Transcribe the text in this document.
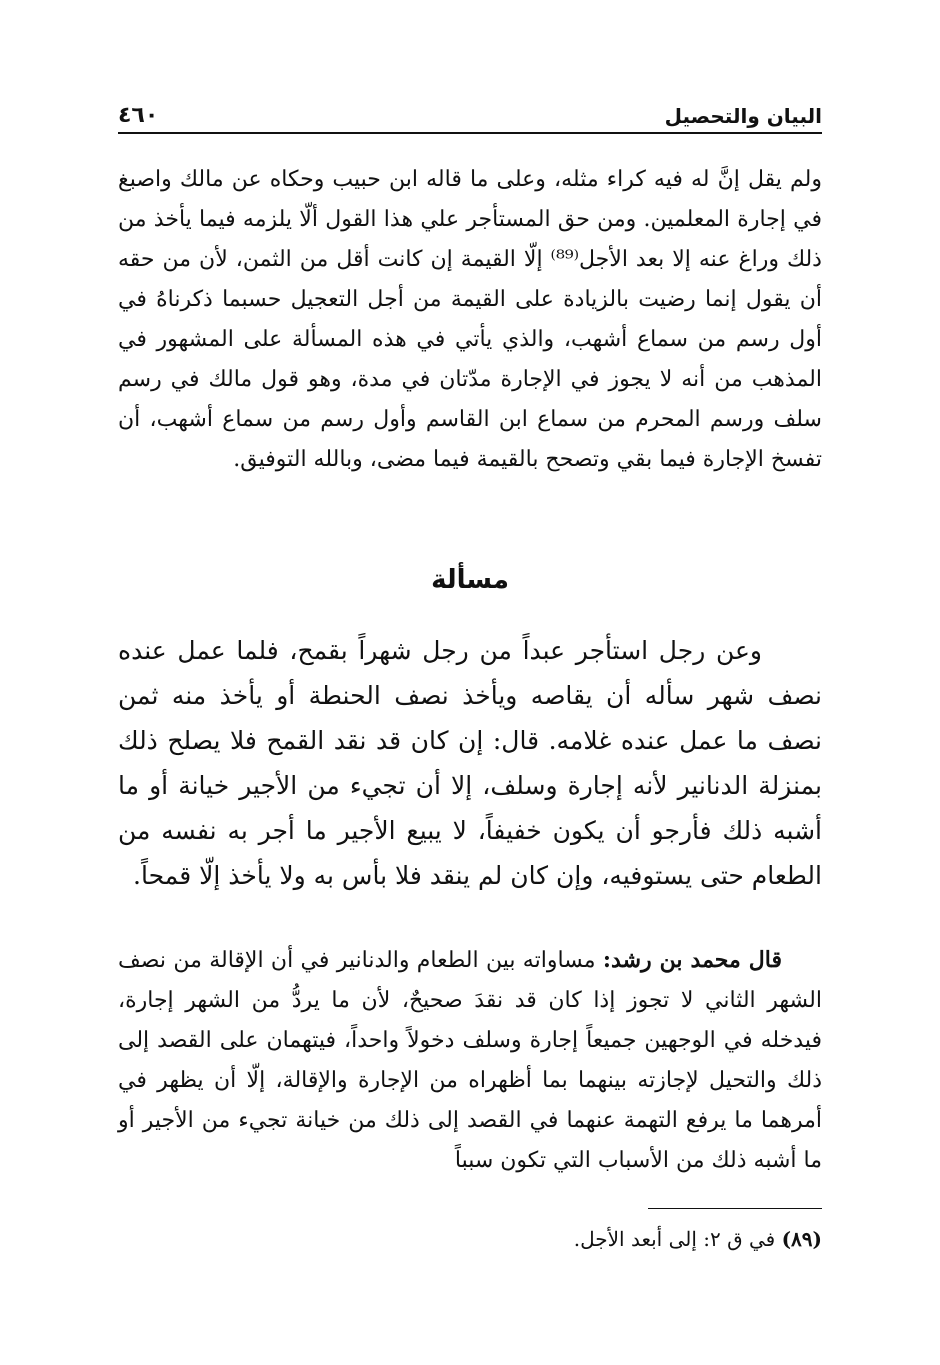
البيان والتحصيل
٤٦٠

ولم يقل إنَّ له فيه كراء مثله، وعلى ما قاله ابن حبيب وحكاه عن مالك واصبغ في إجارة المعلمين. ومن حق المستأجر علي هذا القول ألّا يلزمه فيما يأخذ من ذلك وراغ عنه إلا بعد الأجل⁽⁸⁹⁾ إلّا القيمة إن كانت أقل من الثمن، لأن من حقه أن يقول إنما رضيت بالزيادة على القيمة من أجل التعجيل حسبما ذكرناهُ في أول رسم من سماع أشهب، والذي يأتي في هذه المسألة على المشهور في المذهب من أنه لا يجوز في الإجارة مدّتان في مدة، وهو قول مالك في رسم سلف ورسم المحرم من سماع ابن القاسم وأول رسم من سماع أشهب، أن تفسخ الإجارة فيما بقي وتصحح بالقيمة فيما مضى، وبالله التوفيق.

مسألة

وعن رجل استأجر عبداً من رجل شهراً بقمح، فلما عمل عنده نصف شهر سأله أن يقاصه ويأخذ نصف الحنطة أو يأخذ منه ثمن نصف ما عمل عنده غلامه. قال: إن كان قد نقد القمح فلا يصلح ذلك بمنزلة الدنانير لأنه إجارة وسلف، إلا أن تجيء من الأجير خيانة أو ما أشبه ذلك فأرجو أن يكون خفيفاً، لا يبيع الأجير ما أجر به نفسه من الطعام حتى يستوفيه، وإن كان لم ينقد فلا بأس به ولا يأخذ إلّا قمحاً.

قال محمد بن رشد: مساواته بين الطعام والدنانير في أن الإقالة من نصف الشهر الثاني لا تجوز إذا كان قد نقدَ صحيحٌ، لأن ما يردُّ من الشهر إجارة، فيدخله في الوجهين جميعاً إجارة وسلف دخولاً واحداً، فيتهمان على القصد إلى ذلك والتحيل لإجازته بينهما بما أظهراه من الإجارة والإقالة، إلّا أن يظهر في أمرهما ما يرفع التهمة عنهما في القصد إلى ذلك من خيانة تجيء من الأجير أو ما أشبه ذلك من الأسباب التي تكون سبباً

(٨٩) في ق ٢: إلى أبعد الأجل.
